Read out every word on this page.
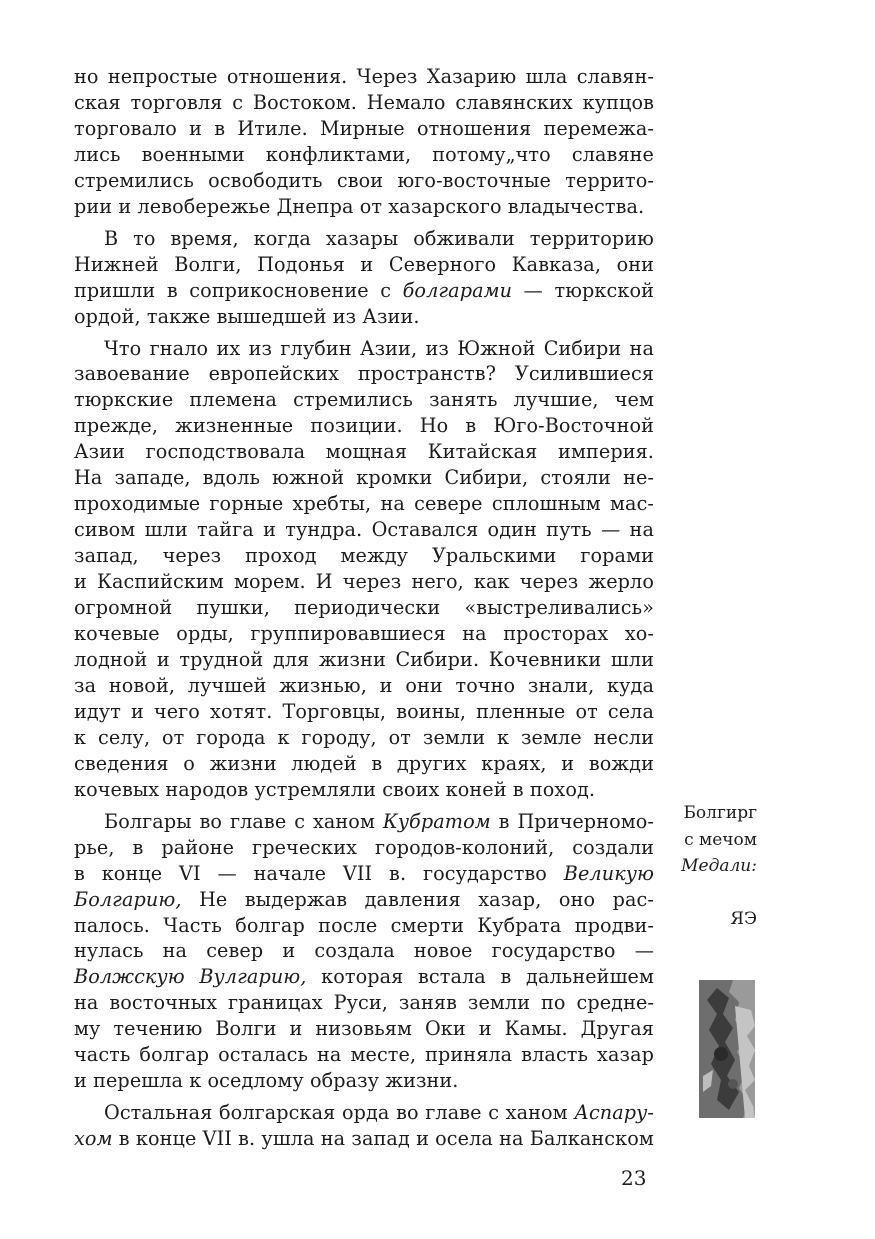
но непростые отношения. Через Хазарию шла славян-
ская торговля с Востоком. Немало славянских купцов
торговало и в Итиле. Мирные отношения перемежа-
лись военными конфликтами, потому„что славяне
стремились освободить свои юго-восточные террито-
рии и левобережье Днепра от хазарского владычества.

В то время, когда хазары обживали территорию
Нижней Волги, Подонья и Северного Кавказа, они
пришли в соприкосновение с болгарами — тюркской
ордой, также вышедшей из Азии.

Что гнало их из глубин Азии, из Южной Сибири на
завоевание европейских пространств? Усилившиеся
тюркские племена стремились занять лучшие, чем
прежде, жизненные позиции. Но в Юго-Восточной
Азии господствовала мощная Китайская империя.
На западе, вдоль южной кромки Сибири, стояли не-
проходимые горные хребты, на севере сплошным мас-
сивом шли тайга и тундра. Оставался один путь — на
запад, через проход между Уральскими горами
и Каспийским морем. И через него, как через жерло
огромной пушки, периодически «выстреливались»
кочевые орды, группировавшиеся на просторах хо-
лодной и трудной для жизни Сибири. Кочевники шли
за новой, лучшей жизнью, и они точно знали, куда
идут и чего хотят. Торговцы, воины, пленные от села
к селу, от города к городу, от земли к земле несли
сведения о жизни людей в других краях, и вожди
кочевых народов устремляли своих коней в поход.

Болгары во главе с ханом Кубратом в Причерномо-
рье, в районе греческих городов-колоний, создали
в конце VI — начале VII в. государство Великую
Болгарию, Не выдержав давления хазар, оно рас-
палось. Часть болгар после смерти Кубрата продви-
нулась на север и создала новое государство —
Волжскую Вулгарию, которая встала в дальнейшем
на восточных границах Руси, заняв земли по средне-
му течению Волги и низовьям Оки и Камы. Другая
часть болгар осталась на месте, приняла власть хазар
и перешла к оседлому образу жизни.

Остальная болгарская орда во главе с ханом Аспару-
хом в конце VII в. ушла на запад и осела на Балканском

Болгирг
с мечом
Медали:
ЯЭ
23
